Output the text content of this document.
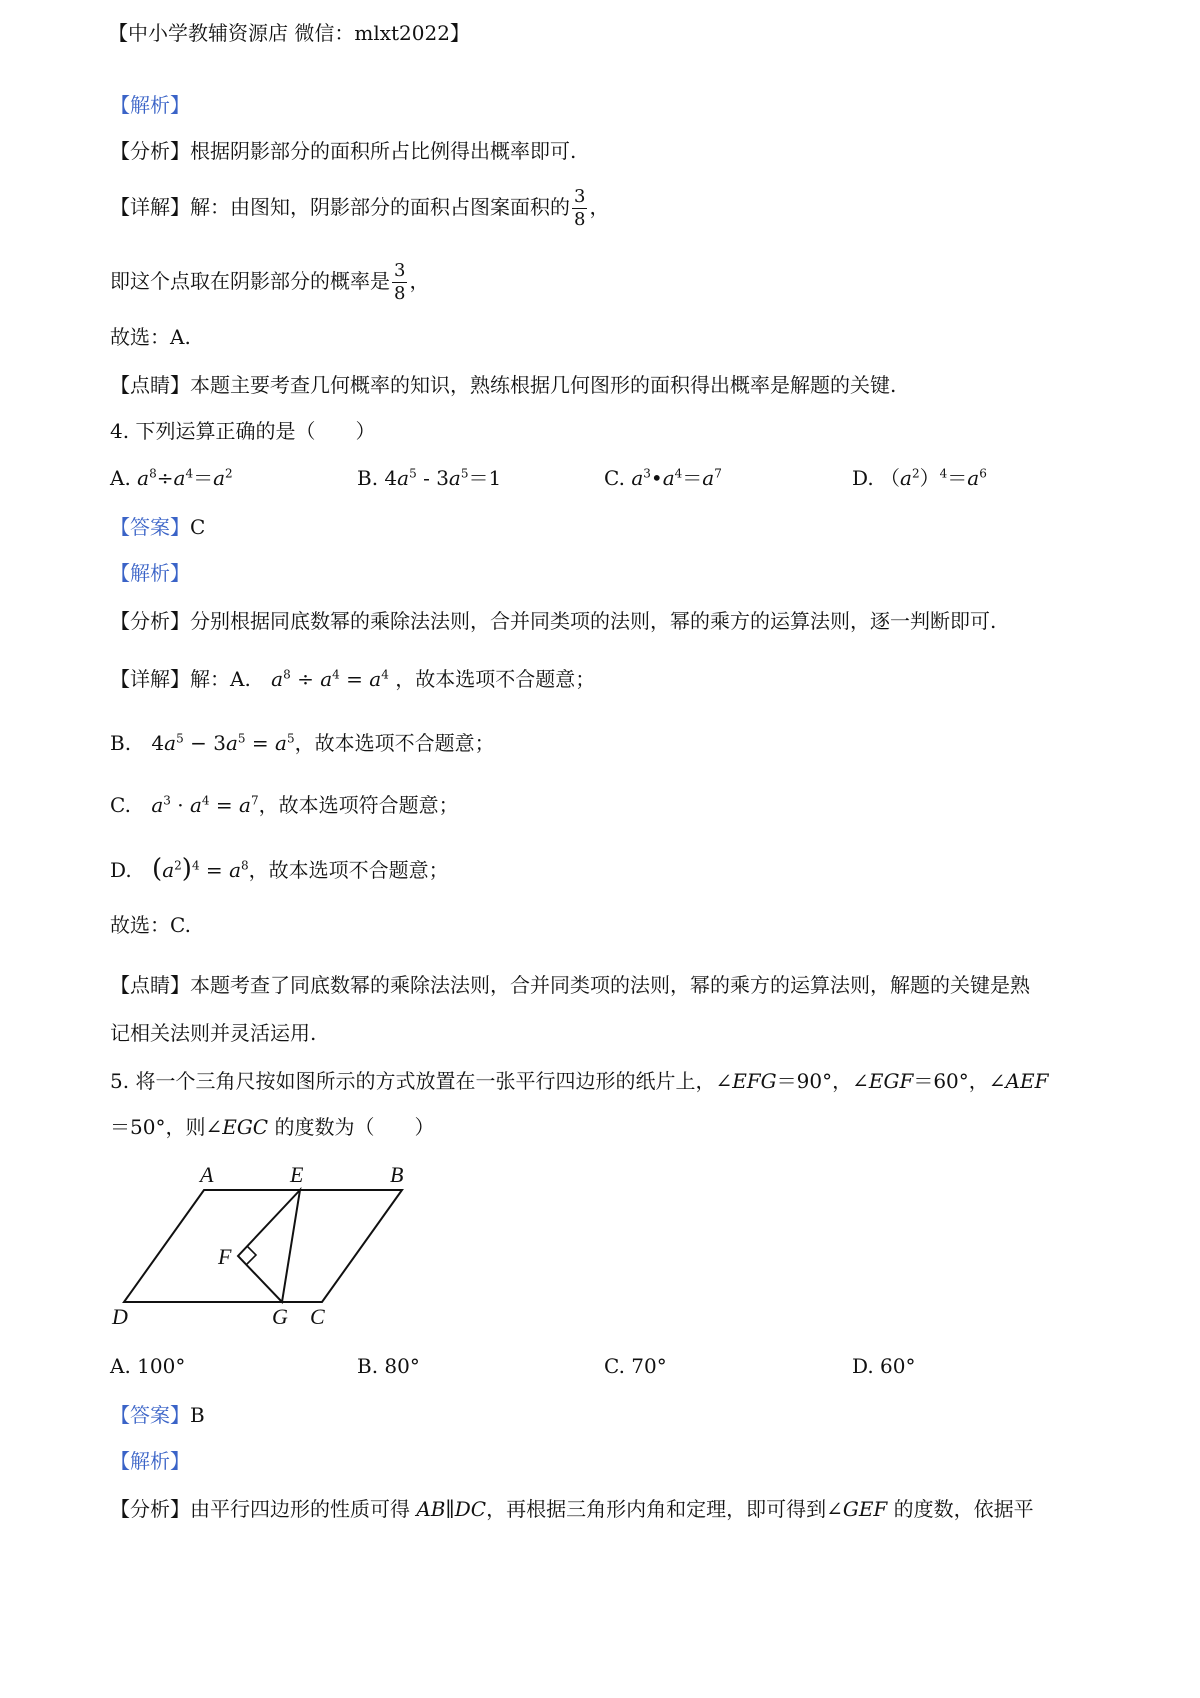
【中小学教辅资源店 微信：mlxt2022】
【解析】
【分析】根据阴影部分的面积所占比例得出概率即可.
【详解】解：由图知，阴影部分的面积占图案面积的 $\frac{3}{8}$ ，
即这个点取在阴影部分的概率是 $\frac{3}{8}$ ，
故选：A.
【点睛】本题主要考查几何概率的知识，熟练根据几何图形的面积得出概率是解题的关键.
4. 下列运算正确的是（　　）
A. $a^8\div a^4=a^2$	B. $4a^5 - 3a^5=1$	C. $a^3•a^4=a^7$	D. $(a^2)^4=a^6$
【答案】C
【解析】
【分析】分别根据同底数幂的乘除法法则，合并同类项的法则，幂的乘方的运算法则，逐一判断即可.
【详解】解：A. $a^8 \div a^4 = a^4$ ，故本选项不合题意；
B. $4a^5 - 3a^5 = a^5$，故本选项不合题意；
C. $a^3 \cdot a^4 = a^7$，故本选项符合题意；
D. $(a^2)^4 = a^8$，故本选项不合题意；
故选：C.
【点睛】本题考查了同底数幂的乘除法法则，合并同类项的法则，幂的乘方的运算法则，解题的关键是熟
记相关法则并灵活运用.
5. 将一个三角尺按如图所示的方式放置在一张平行四边形的纸片上，∠EFG＝90°，∠EGF＝60°，∠AEF
＝50°，则∠EGC 的度数为（　　）
A	E	B
F
D	G C
A. 100°	B. 80°	C. 70°	D. 60°
【答案】B
【解析】
【分析】由平行四边形的性质可得 AB∥DC，再根据三角形内角和定理，即可得到∠GEF 的度数，依据平
